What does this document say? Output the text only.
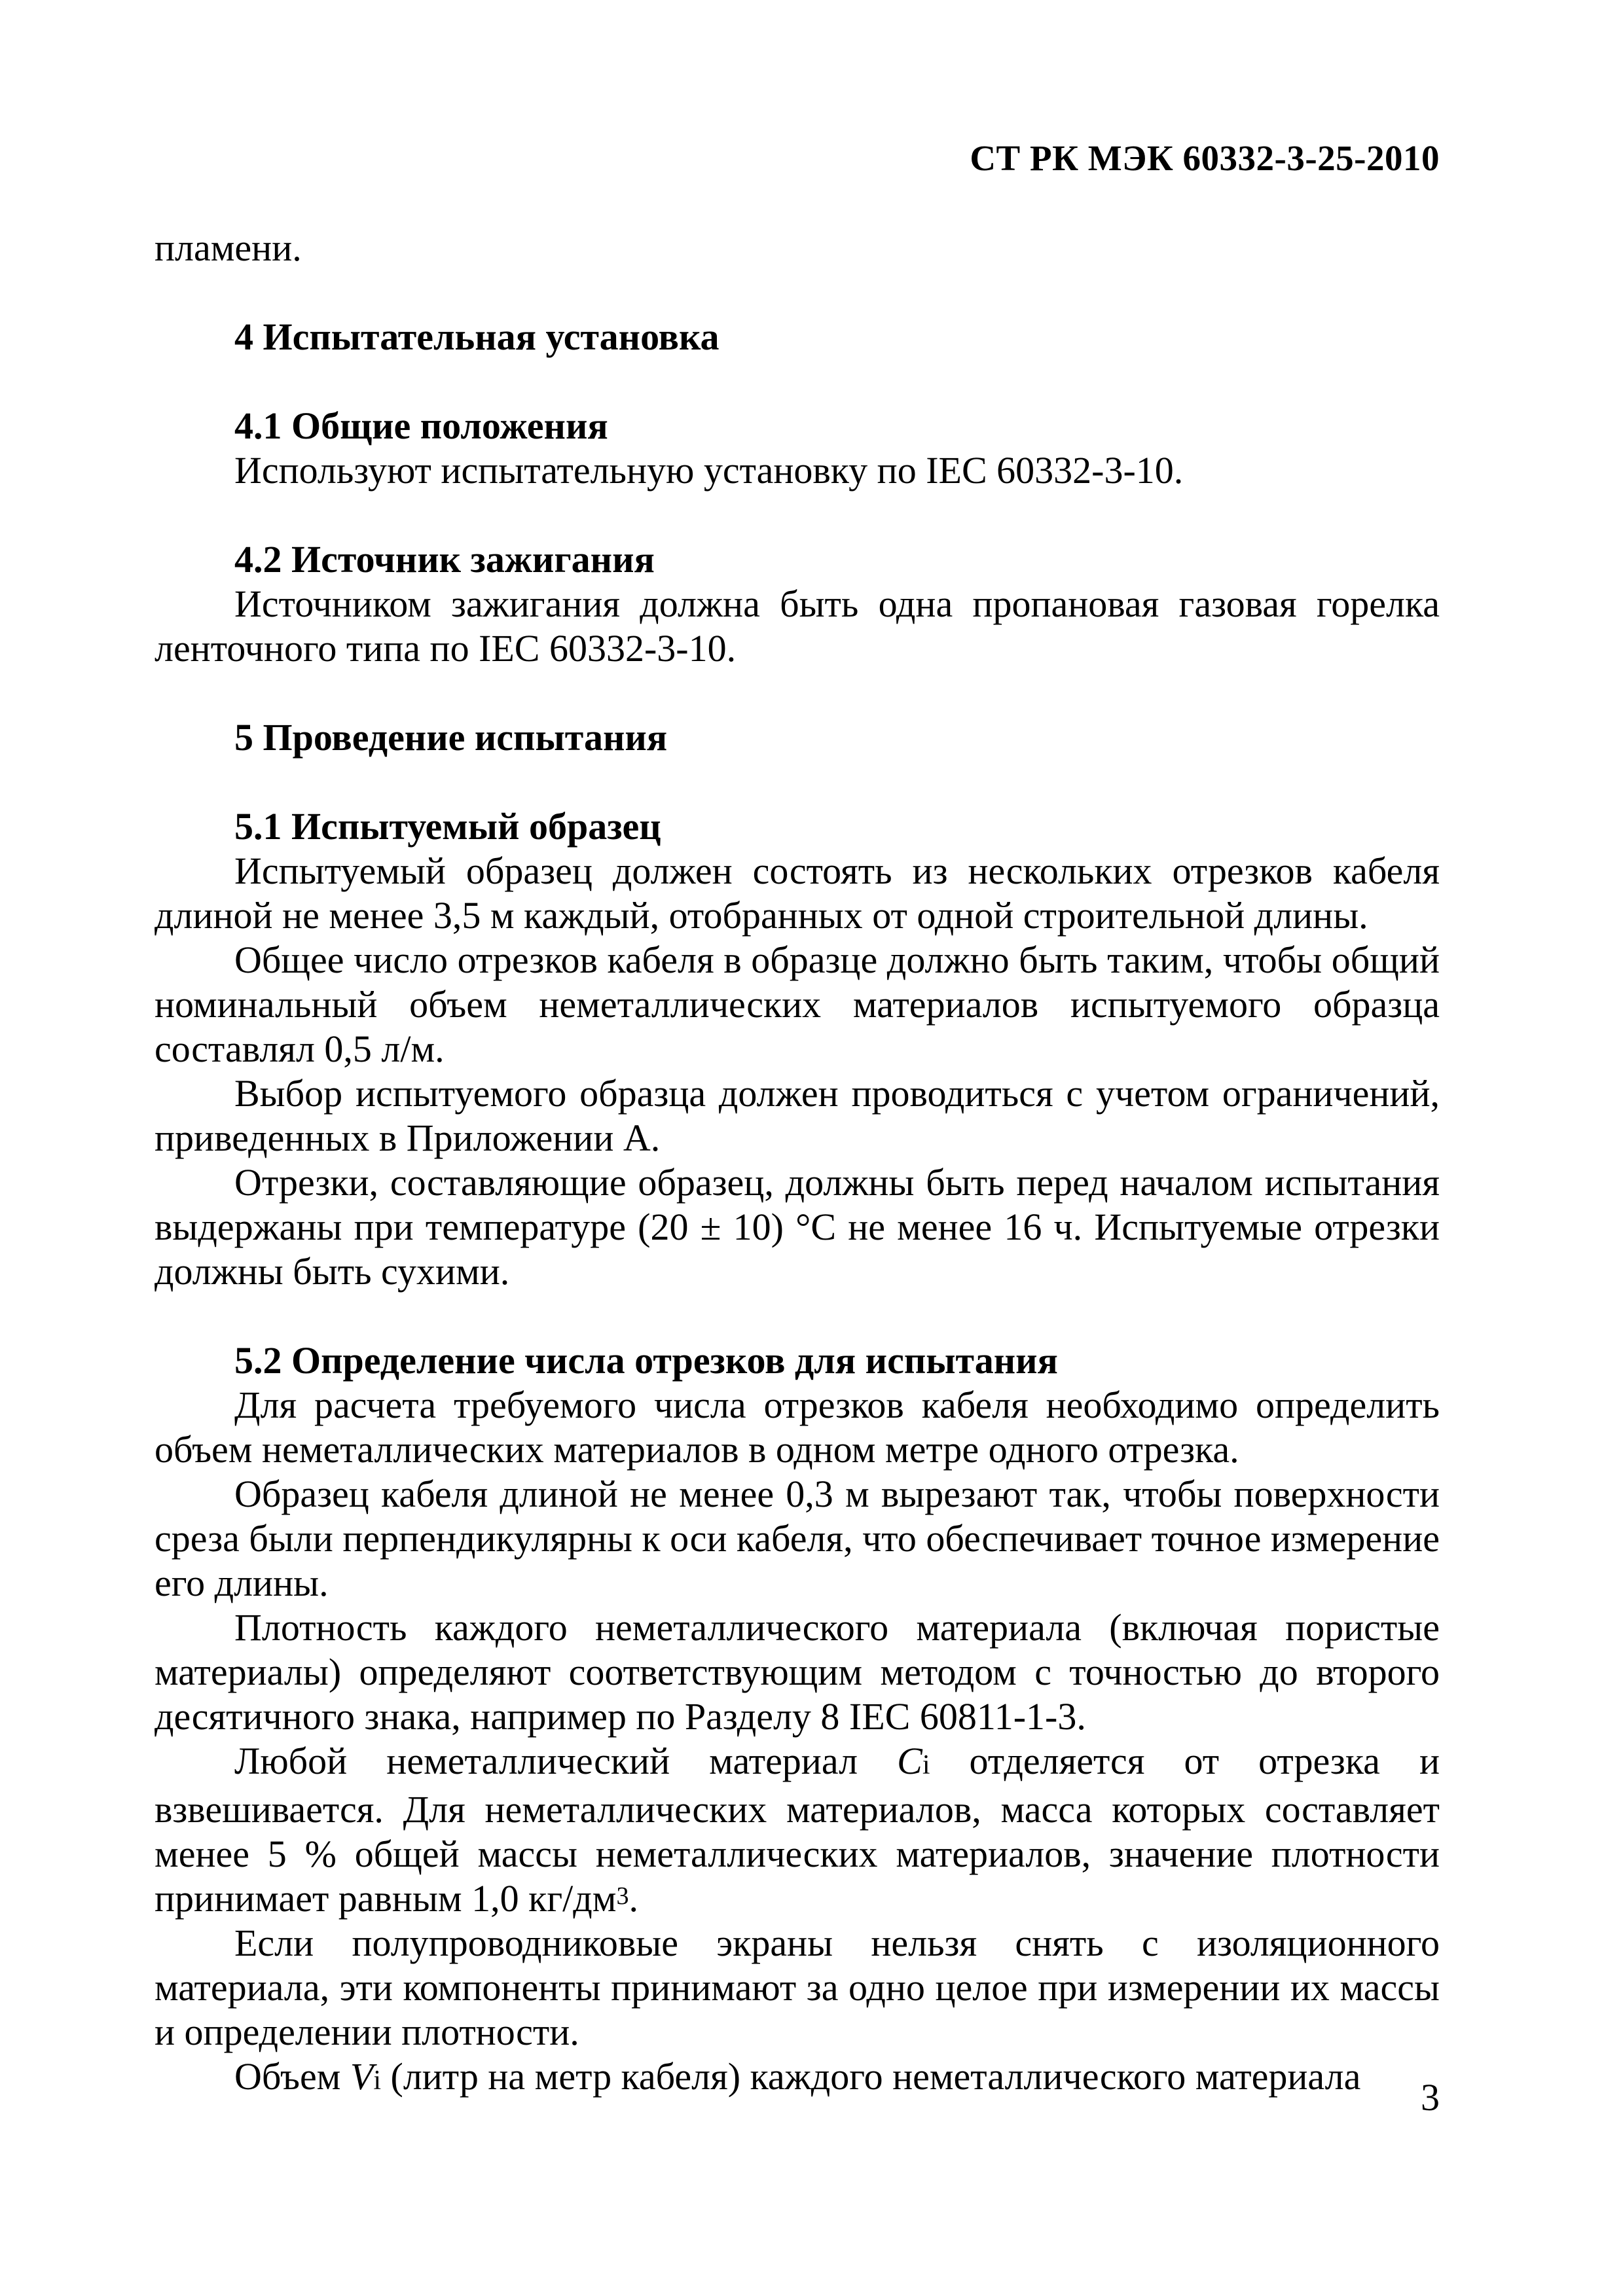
СТ РК МЭК 60332-3-25-2010

пламени.

4 Испытательная установка
4.1 Общие положения

Используют испытательную установку по IEC 60332-3-10.

4.2 Источник зажигания

Источником зажигания должна быть одна пропановая газовая горелка ленточного типа по IEC 60332-3-10.

5 Проведение испытания
5.1 Испытуемый образец

Испытуемый образец должен состоять из нескольких отрезков кабеля длиной не менее 3,5 м каждый, отобранных от одной строительной длины.

Общее число отрезков кабеля в образце должно быть таким, чтобы общий номинальный объем неметаллических материалов испытуемого образца составлял 0,5 л/м.

Выбор испытуемого образца должен проводиться с учетом ограничений, приведенных в Приложении А.

Отрезки, составляющие образец, должны быть перед началом испытания выдержаны при температуре (20 ± 10) °С не менее 16 ч. Испытуемые отрезки должны быть сухими.

5.2 Определение числа отрезков для испытания

Для расчета требуемого числа отрезков кабеля необходимо определить объем неметаллических материалов в одном метре одного отрезка.

Образец кабеля длиной не менее 0,3 м вырезают так, чтобы поверхности среза были перпендикулярны к оси кабеля, что обеспечивает точное измерение его длины.

Плотность каждого неметаллического материала (включая пористые материалы) определяют соответствующим методом с точностью до второго десятичного знака, например по Разделу 8 IEC 60811-1-3.

Любой неметаллический материал Ci отделяется от отрезка и взвешивается. Для неметаллических материалов, масса которых составляет менее 5 % общей массы неметаллических материалов, значение плотности принимает равным 1,0 $кг/дм^3$.

Если полупроводниковые экраны нельзя снять с изоляционного материала, эти компоненты принимают за одно целое при измерении их массы и определении плотности.

Объем Vi (литр на метр кабеля) каждого неметаллического материала	3
